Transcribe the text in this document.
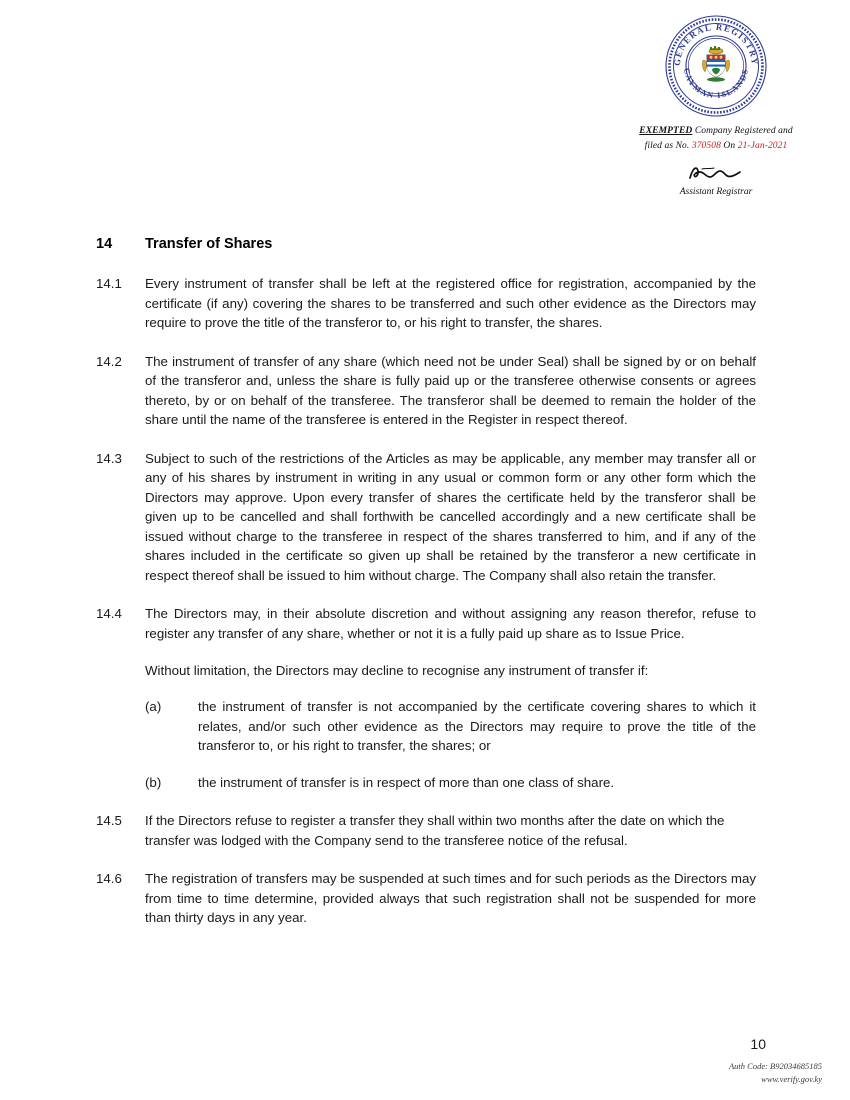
GENERAL REGISTRY
CAYMAN ISLANDS
EXEMPTED Company Registered and
filed as No. 370508 On 21-Jan-2021
Assistant Registrar
14	Transfer of Shares
14.1	Every instrument of transfer shall be left at the registered office for registration, accompanied by the certificate (if any) covering the shares to be transferred and such other evidence as the Directors may require to prove the title of the transferor to, or his right to transfer, the shares.
14.2	The instrument of transfer of any share (which need not be under Seal) shall be signed by or on behalf of the transferor and, unless the share is fully paid up or the transferee otherwise consents or agrees thereto, by or on behalf of the transferee. The transferor shall be deemed to remain the holder of the share until the name of the transferee is entered in the Register in respect thereof.
14.3	Subject to such of the restrictions of the Articles as may be applicable, any member may transfer all or any of his shares by instrument in writing in any usual or common form or any other form which the Directors may approve. Upon every transfer of shares the certificate held by the transferor shall be given up to be cancelled and shall forthwith be cancelled accordingly and a new certificate shall be issued without charge to the transferee in respect of the shares transferred to him, and if any of the shares included in the certificate so given up shall be retained by the transferor a new certificate in respect thereof shall be issued to him without charge. The Company shall also retain the transfer.
14.4	The Directors may, in their absolute discretion and without assigning any reason therefor, refuse to register any transfer of any share, whether or not it is a fully paid up share as to Issue Price.
Without limitation, the Directors may decline to recognise any instrument of transfer if:
(a)	the instrument of transfer is not accompanied by the certificate covering shares to which it relates, and/or such other evidence as the Directors may require to prove the title of the transferor to, or his right to transfer, the shares; or
(b)	the instrument of transfer is in respect of more than one class of share.
14.5	If the Directors refuse to register a transfer they shall within two months after the date on which the transfer was lodged with the Company send to the transferee notice of the refusal.
14.6	The registration of transfers may be suspended at such times and for such periods as the Directors may from time to time determine, provided always that such registration shall not be suspended for more than thirty days in any year.
10
Auth Code: B92034685185
www.verify.gov.ky
